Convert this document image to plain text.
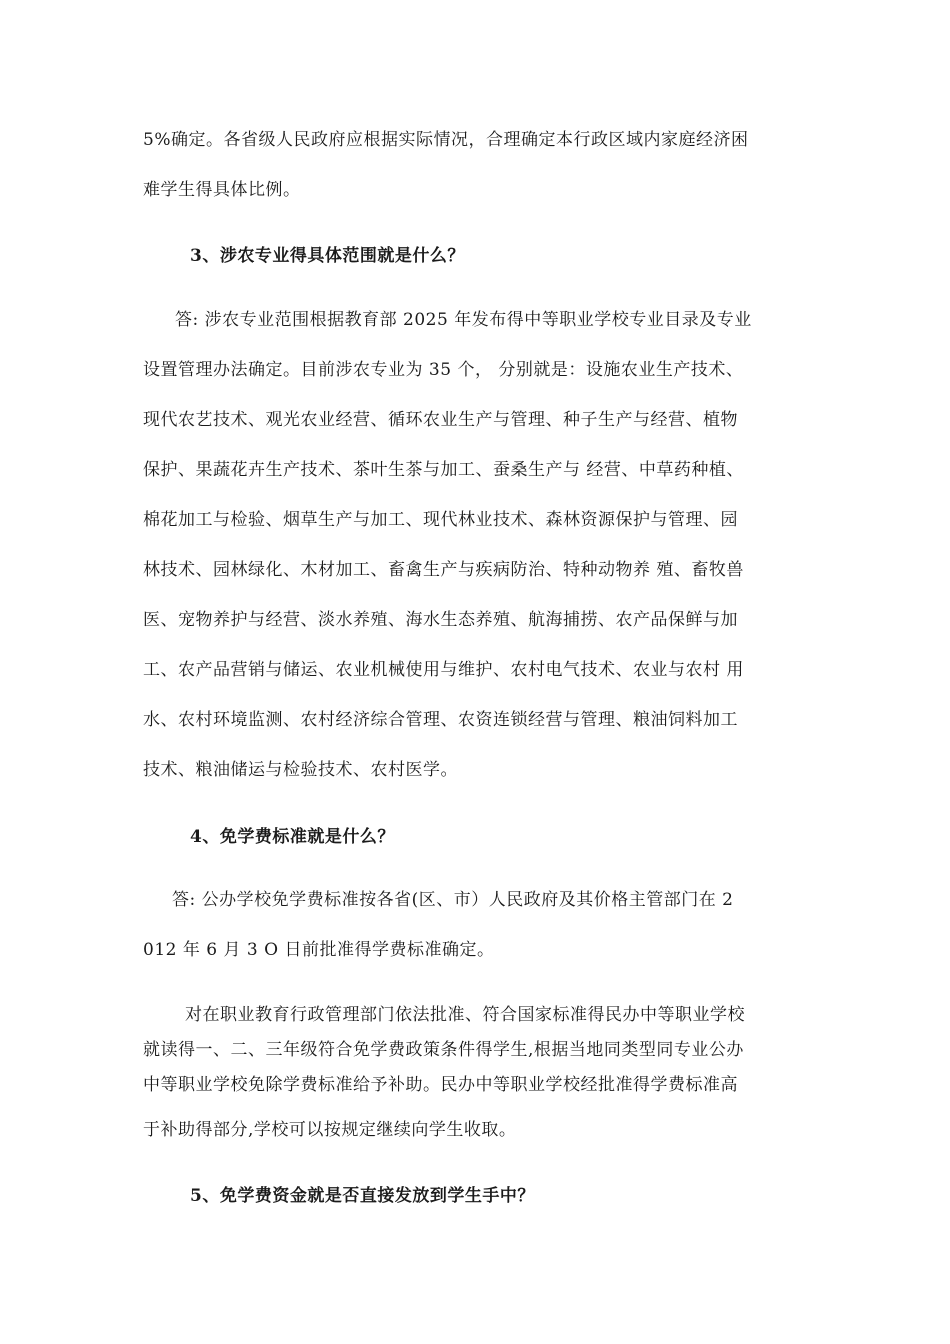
5%确定。各省级人民政府应根据实际情况，合理确定本行政区域内家庭经济困
难学生得具体比例。
3、涉农专业得具体范围就是什么？
答: 涉农专业范围根据教育部 2025 年发布得中等职业学校专业目录及专业
设置管理办法确定。目前涉农专业为 35 个， 分别就是：设施农业生产技术、
现代农艺技术、观光农业经营、循环农业生产与管理、种子生产与经营、植物
保护、果蔬花卉生产技术、茶叶生茶与加工、蚕桑生产与 经营、中草药种植、
棉花加工与检验、烟草生产与加工、现代林业技术、森林资源保护与管理、园
林技术、园林绿化、木材加工、畜禽生产与疾病防治、特种动物养 殖、畜牧兽
医、宠物养护与经营、淡水养殖、海水生态养殖、航海捕捞、农产品保鲜与加
工、农产品营销与储运、农业机械使用与维护、农村电气技术、农业与农村 用
水、农村环境监测、农村经济综合管理、农资连锁经营与管理、粮油饲料加工
技术、粮油储运与检验技术、农村医学。
4、免学费标准就是什么？
答: 公办学校免学费标准按各省(区、市）人民政府及其价格主管部门在 2
012 年 6 月 3 O 日前批准得学费标准确定。
对在职业教育行政管理部门依法批准、符合国家标准得民办中等职业学校
就读得一、二、三年级符合免学费政策条件得学生,根据当地同类型同专业公办
中等职业学校免除学费标准给予补助。民办中等职业学校经批准得学费标准高
于补助得部分,学校可以按规定继续向学生收取。
5、免学费资金就是否直接发放到学生手中？
